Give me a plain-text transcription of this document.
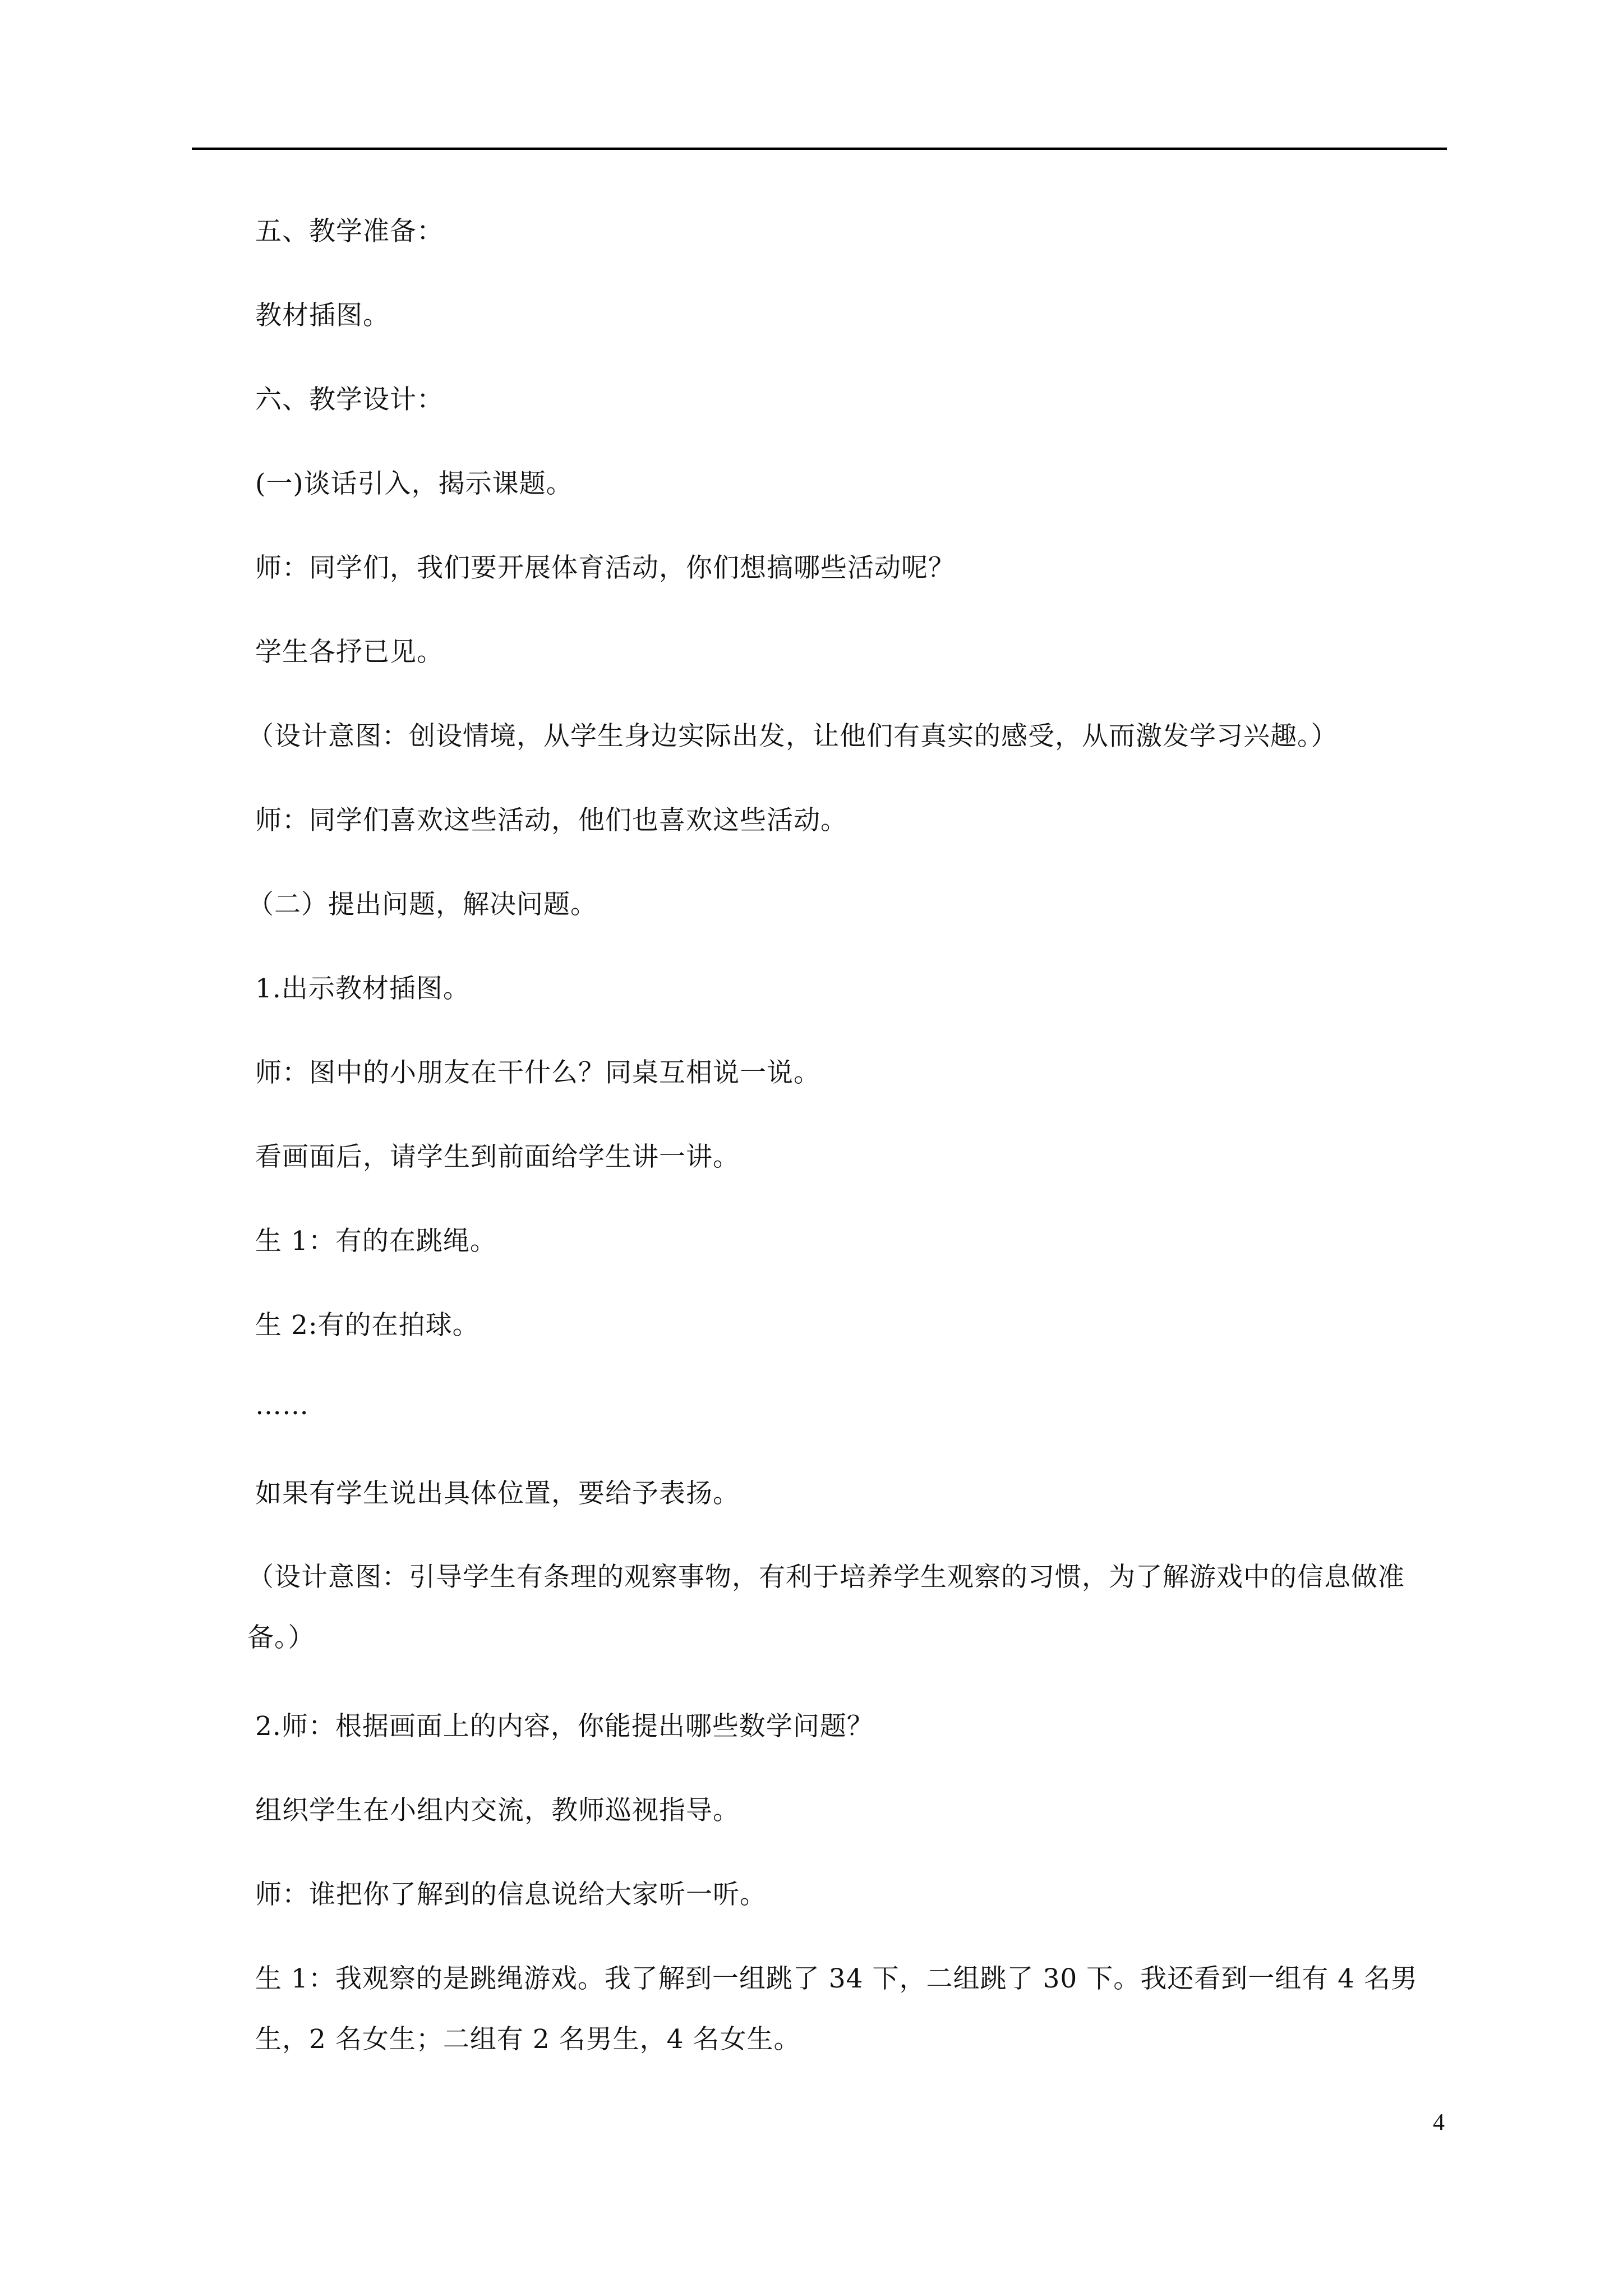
五、教学准备：
教材插图。
六、教学设计：
(一)谈话引入，揭示课题。
师：同学们，我们要开展体育活动，你们想搞哪些活动呢？
学生各抒已见。
（设计意图：创设情境，从学生身边实际出发，让他们有真实的感受，从而激发学习兴趣。）
师：同学们喜欢这些活动，他们也喜欢这些活动。
（二）提出问题，解决问题。
1.出示教材插图。
师：图中的小朋友在干什么？同桌互相说一说。
看画面后，请学生到前面给学生讲一讲。
生 1：有的在跳绳。
生 2:有的在拍球。
……
如果有学生说出具体位置，要给予表扬。
（设计意图：引导学生有条理的观察事物，有利于培养学生观察的习惯，为了解游戏中的信息做准备。）
2.师：根据画面上的内容，你能提出哪些数学问题？
组织学生在小组内交流，教师巡视指导。
师：谁把你了解到的信息说给大家听一听。
生 1：我观察的是跳绳游戏。我了解到一组跳了 34 下，二组跳了 30 下。我还看到一组有 4 名男生，2 名女生；二组有 2 名男生，4 名女生。
4
